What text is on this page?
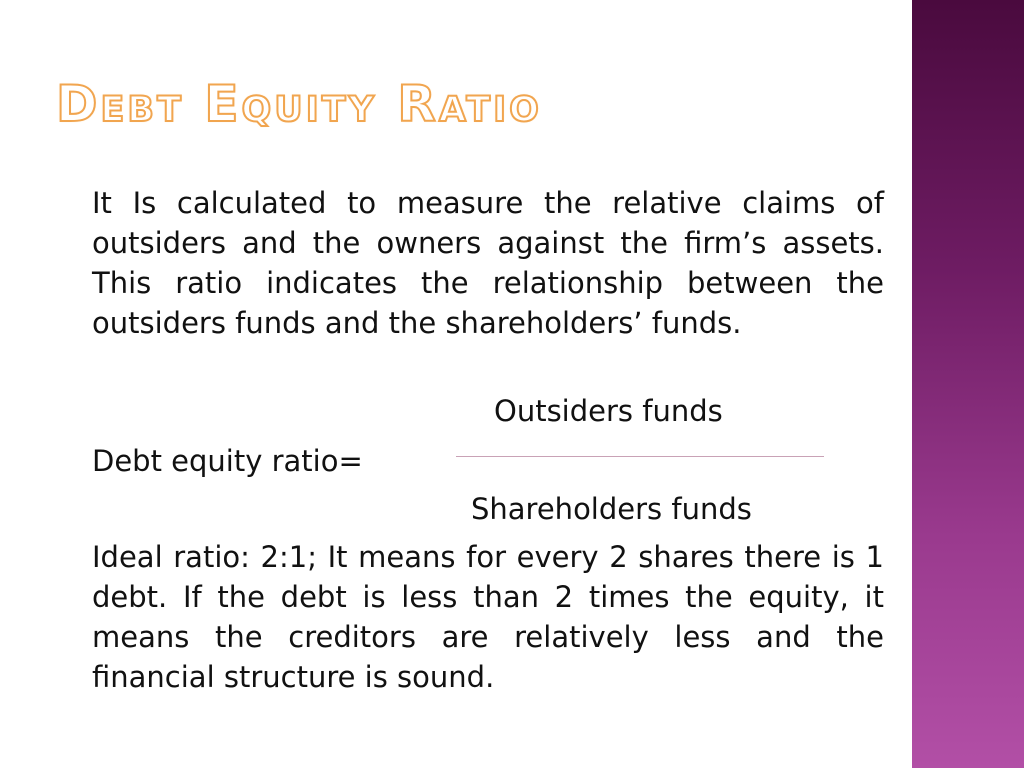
Debt Equity Ratio

It Is calculated to measure the relative claims of outsiders and the owners against the firm’s assets. This ratio indicates the relationship between the outsiders funds and the shareholders’ funds.

Outsiders funds
Debt equity ratio=
Shareholders funds

Ideal ratio: 2:1; It means for every 2 shares there is 1 debt. If the debt is less than 2 times the equity, it means the creditors are relatively less and the financial structure is sound.
